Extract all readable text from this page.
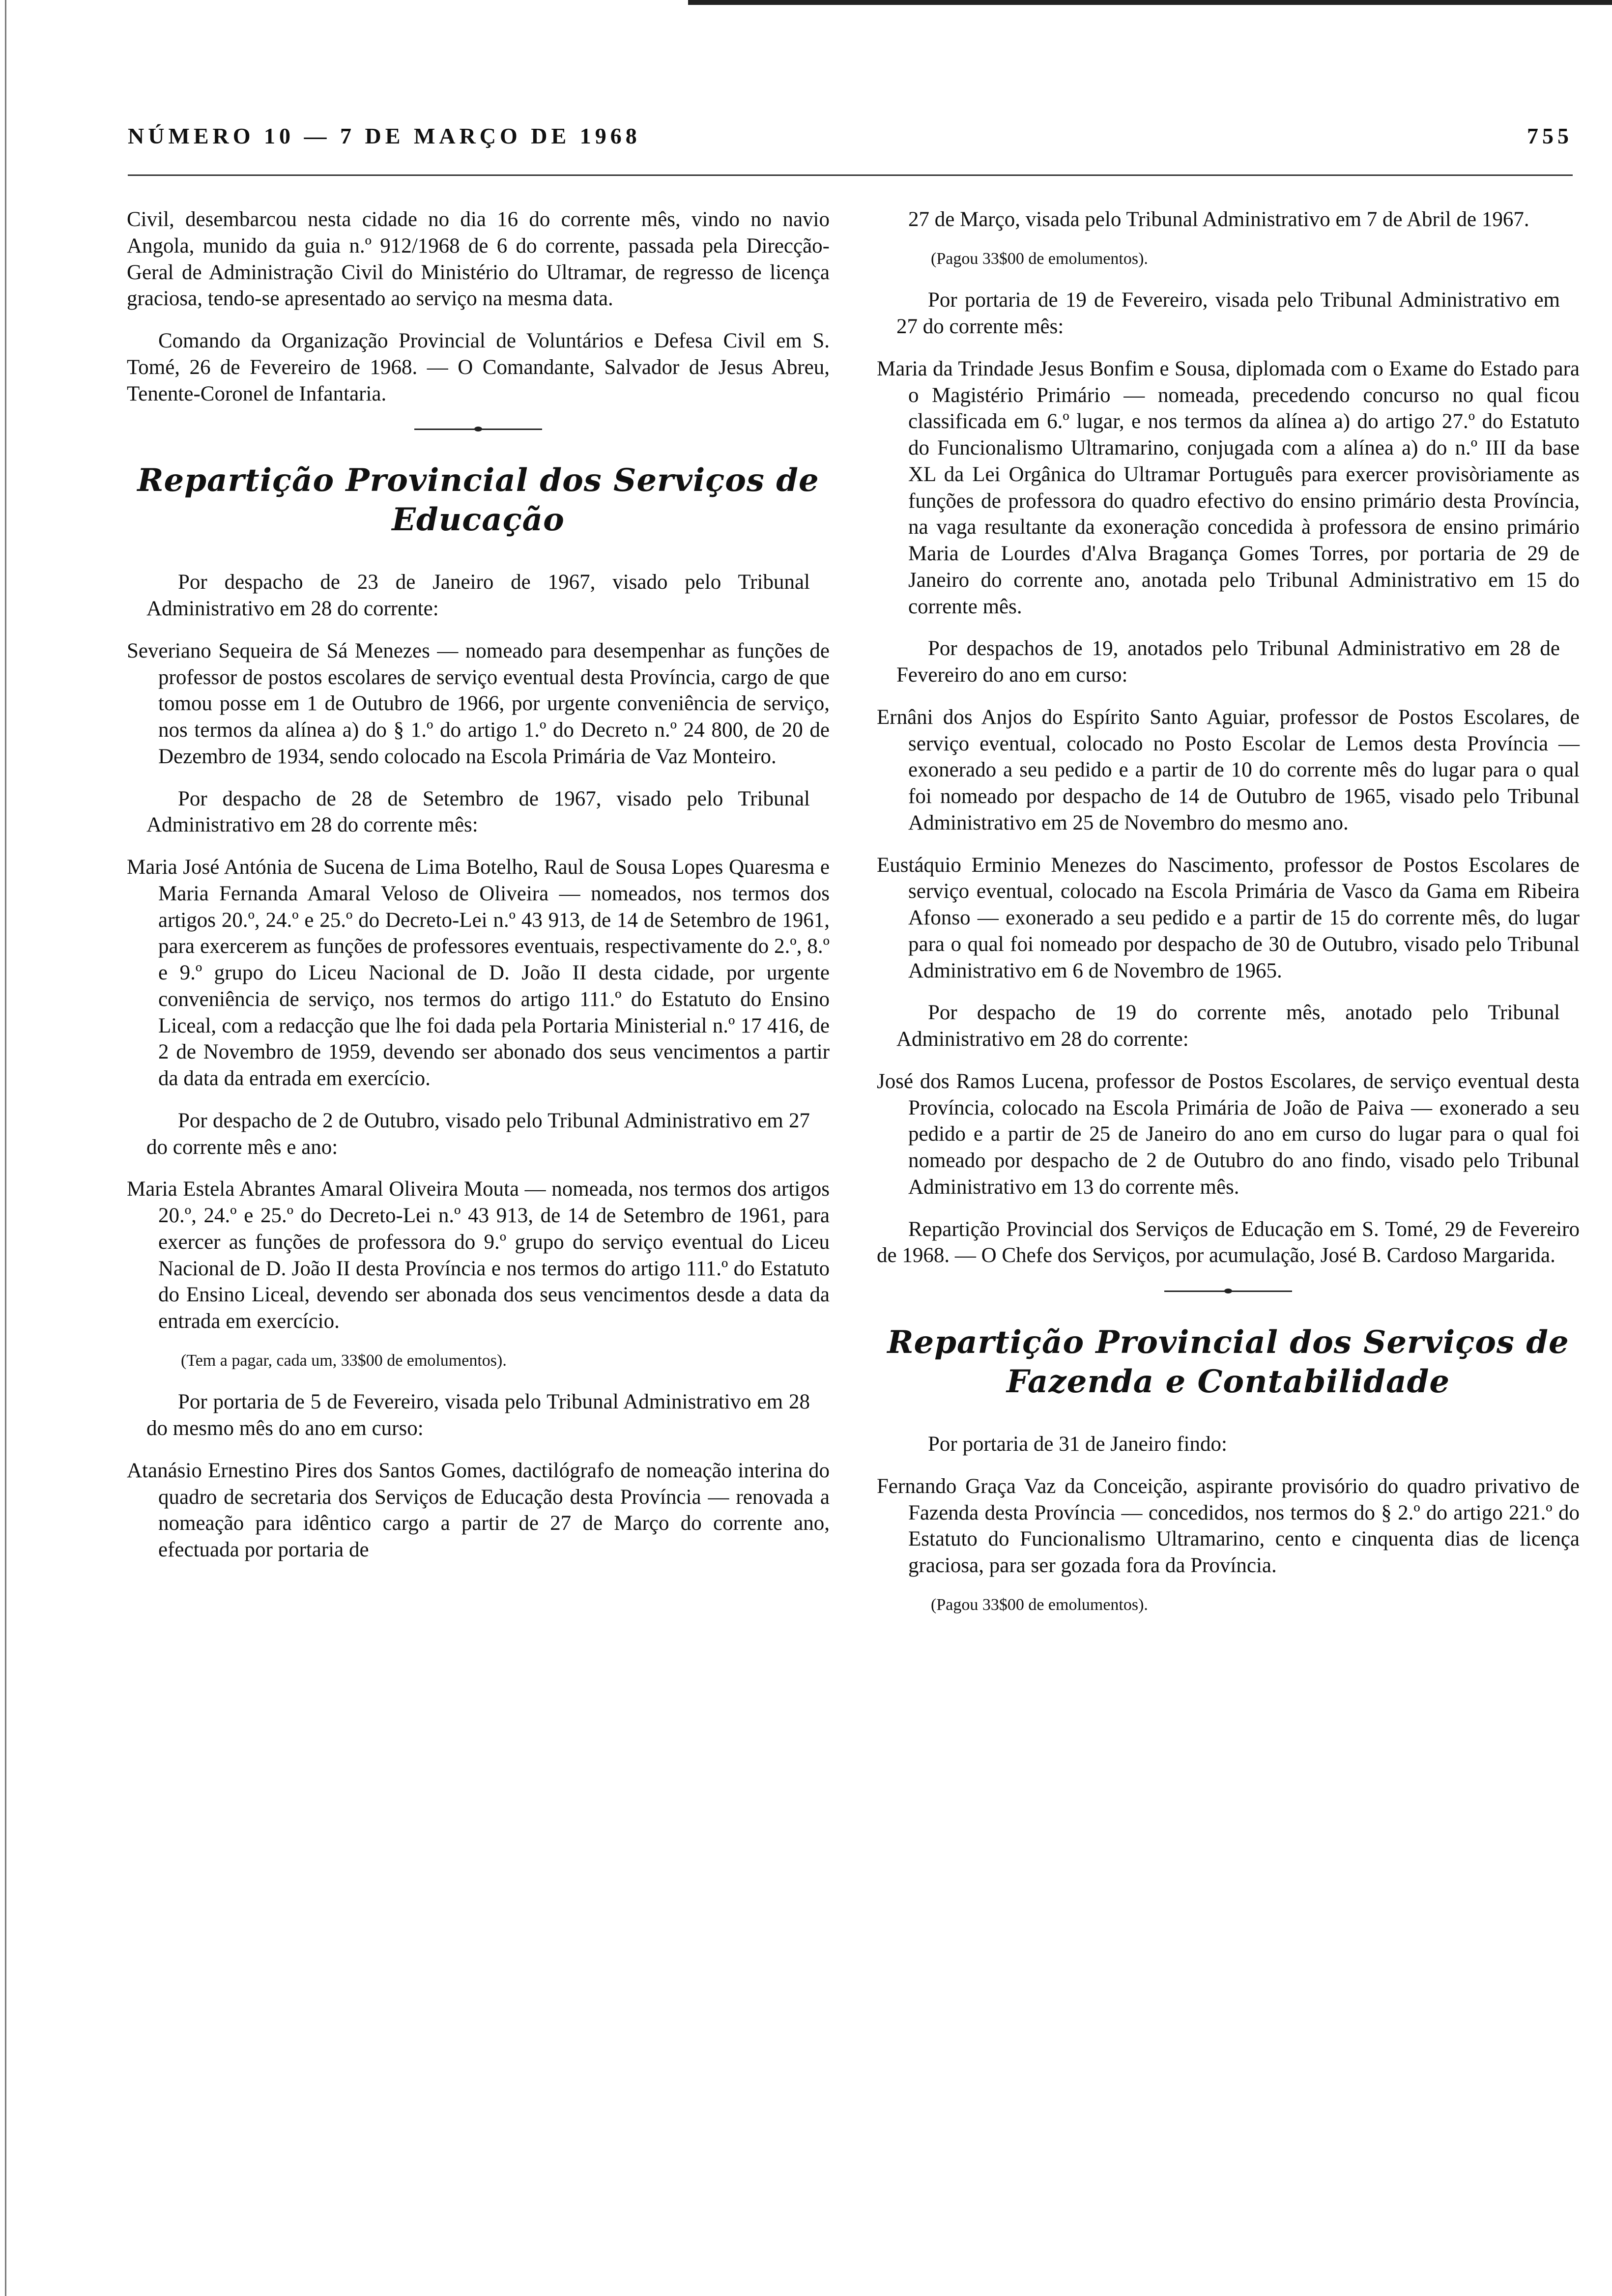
NÚMERO 10 — 7 DE MARÇO DE 1968	755

Civil, desembarcou nesta cidade no dia 16 do corrente mês, vindo no navio Angola, munido da guia n.º 912/1968 de 6 do corrente, passada pela Direcção-Geral de Administração Civil do Ministério do Ultramar, de regresso de licença graciosa, tendo-se apresentado ao serviço na mesma data.

Comando da Organização Provincial de Voluntários e Defesa Civil em S. Tomé, 26 de Fevereiro de 1968. — O Comandante, Salvador de Jesus Abreu, Tenente-Coronel de Infantaria.

Repartição Provincial dos Serviços de Educação

Por despacho de 23 de Janeiro de 1967, visado pelo Tribunal Administrativo em 28 do corrente:

Severiano Sequeira de Sá Menezes — nomeado para desempenhar as funções de professor de postos escolares de serviço eventual desta Província, cargo de que tomou posse em 1 de Outubro de 1966, por urgente conveniência de serviço, nos termos da alínea a) do § 1.º do artigo 1.º do Decreto n.º 24 800, de 20 de Dezembro de 1934, sendo colocado na Escola Primária de Vaz Monteiro.

Por despacho de 28 de Setembro de 1967, visado pelo Tribunal Administrativo em 28 do corrente mês:

Maria José Antónia de Sucena de Lima Botelho, Raul de Sousa Lopes Quaresma e Maria Fernanda Amaral Veloso de Oliveira — nomeados, nos termos dos artigos 20.º, 24.º e 25.º do Decreto-Lei n.º 43 913, de 14 de Setembro de 1961, para exercerem as funções de professores eventuais, respectivamente do 2.º, 8.º e 9.º grupo do Liceu Nacional de D. João II desta cidade, por urgente conveniência de serviço, nos termos do artigo 111.º do Estatuto do Ensino Liceal, com a redacção que lhe foi dada pela Portaria Ministerial n.º 17 416, de 2 de Novembro de 1959, devendo ser abonado dos seus vencimentos a partir da data da entrada em exercício.

Por despacho de 2 de Outubro, visado pelo Tribunal Administrativo em 27 do corrente mês e ano:

Maria Estela Abrantes Amaral Oliveira Mouta — nomeada, nos termos dos artigos 20.º, 24.º e 25.º do Decreto-Lei n.º 43 913, de 14 de Setembro de 1961, para exercer as funções de professora do 9.º grupo do serviço eventual do Liceu Nacional de D. João II desta Província e nos termos do artigo 111.º do Estatuto do Ensino Liceal, devendo ser abonada dos seus vencimentos desde a data da entrada em exercício.

(Tem a pagar, cada um, 33$00 de emolumentos).

Por portaria de 5 de Fevereiro, visada pelo Tribunal Administrativo em 28 do mesmo mês do ano em curso:

Atanásio Ernestino Pires dos Santos Gomes, dactilógrafo de nomeação interina do quadro de secretaria dos Serviços de Educação desta Província — renovada a nomeação para idêntico cargo a partir de 27 de Março do corrente ano, efectuada por portaria de

27 de Março, visada pelo Tribunal Administrativo em 7 de Abril de 1967.

(Pagou 33$00 de emolumentos).

Por portaria de 19 de Fevereiro, visada pelo Tribunal Administrativo em 27 do corrente mês:

Maria da Trindade Jesus Bonfim e Sousa, diplomada com o Exame do Estado para o Magistério Primário — nomeada, precedendo concurso no qual ficou classificada em 6.º lugar, e nos termos da alínea a) do artigo 27.º do Estatuto do Funcionalismo Ultramarino, conjugada com a alínea a) do n.º III da base XL da Lei Orgânica do Ultramar Português para exercer provisòriamente as funções de professora do quadro efectivo do ensino primário desta Província, na vaga resultante da exoneração concedida à professora de ensino primário Maria de Lourdes d'Alva Bragança Gomes Torres, por portaria de 29 de Janeiro do corrente ano, anotada pelo Tribunal Administrativo em 15 do corrente mês.

Por despachos de 19, anotados pelo Tribunal Administrativo em 28 de Fevereiro do ano em curso:

Ernâni dos Anjos do Espírito Santo Aguiar, professor de Postos Escolares, de serviço eventual, colocado no Posto Escolar de Lemos desta Província — exonerado a seu pedido e a partir de 10 do corrente mês do lugar para o qual foi nomeado por despacho de 14 de Outubro de 1965, visado pelo Tribunal Administrativo em 25 de Novembro do mesmo ano.

Eustáquio Erminio Menezes do Nascimento, professor de Postos Escolares de serviço eventual, colocado na Escola Primária de Vasco da Gama em Ribeira Afonso — exonerado a seu pedido e a partir de 15 do corrente mês, do lugar para o qual foi nomeado por despacho de 30 de Outubro, visado pelo Tribunal Administrativo em 6 de Novembro de 1965.

Por despacho de 19 do corrente mês, anotado pelo Tribunal Administrativo em 28 do corrente:

José dos Ramos Lucena, professor de Postos Escolares, de serviço eventual desta Província, colocado na Escola Primária de João de Paiva — exonerado a seu pedido e a partir de 25 de Janeiro do ano em curso do lugar para o qual foi nomeado por despacho de 2 de Outubro do ano findo, visado pelo Tribunal Administrativo em 13 do corrente mês.

Repartição Provincial dos Serviços de Educação em S. Tomé, 29 de Fevereiro de 1968. — O Chefe dos Serviços, por acumulação, José B. Cardoso Margarida.

Repartição Provincial dos Serviços de Fazenda e Contabilidade

Por portaria de 31 de Janeiro findo:

Fernando Graça Vaz da Conceição, aspirante provisório do quadro privativo de Fazenda desta Província — concedidos, nos termos do § 2.º do artigo 221.º do Estatuto do Funcionalismo Ultramarino, cento e cinquenta dias de licença graciosa, para ser gozada fora da Província.

(Pagou 33$00 de emolumentos).
